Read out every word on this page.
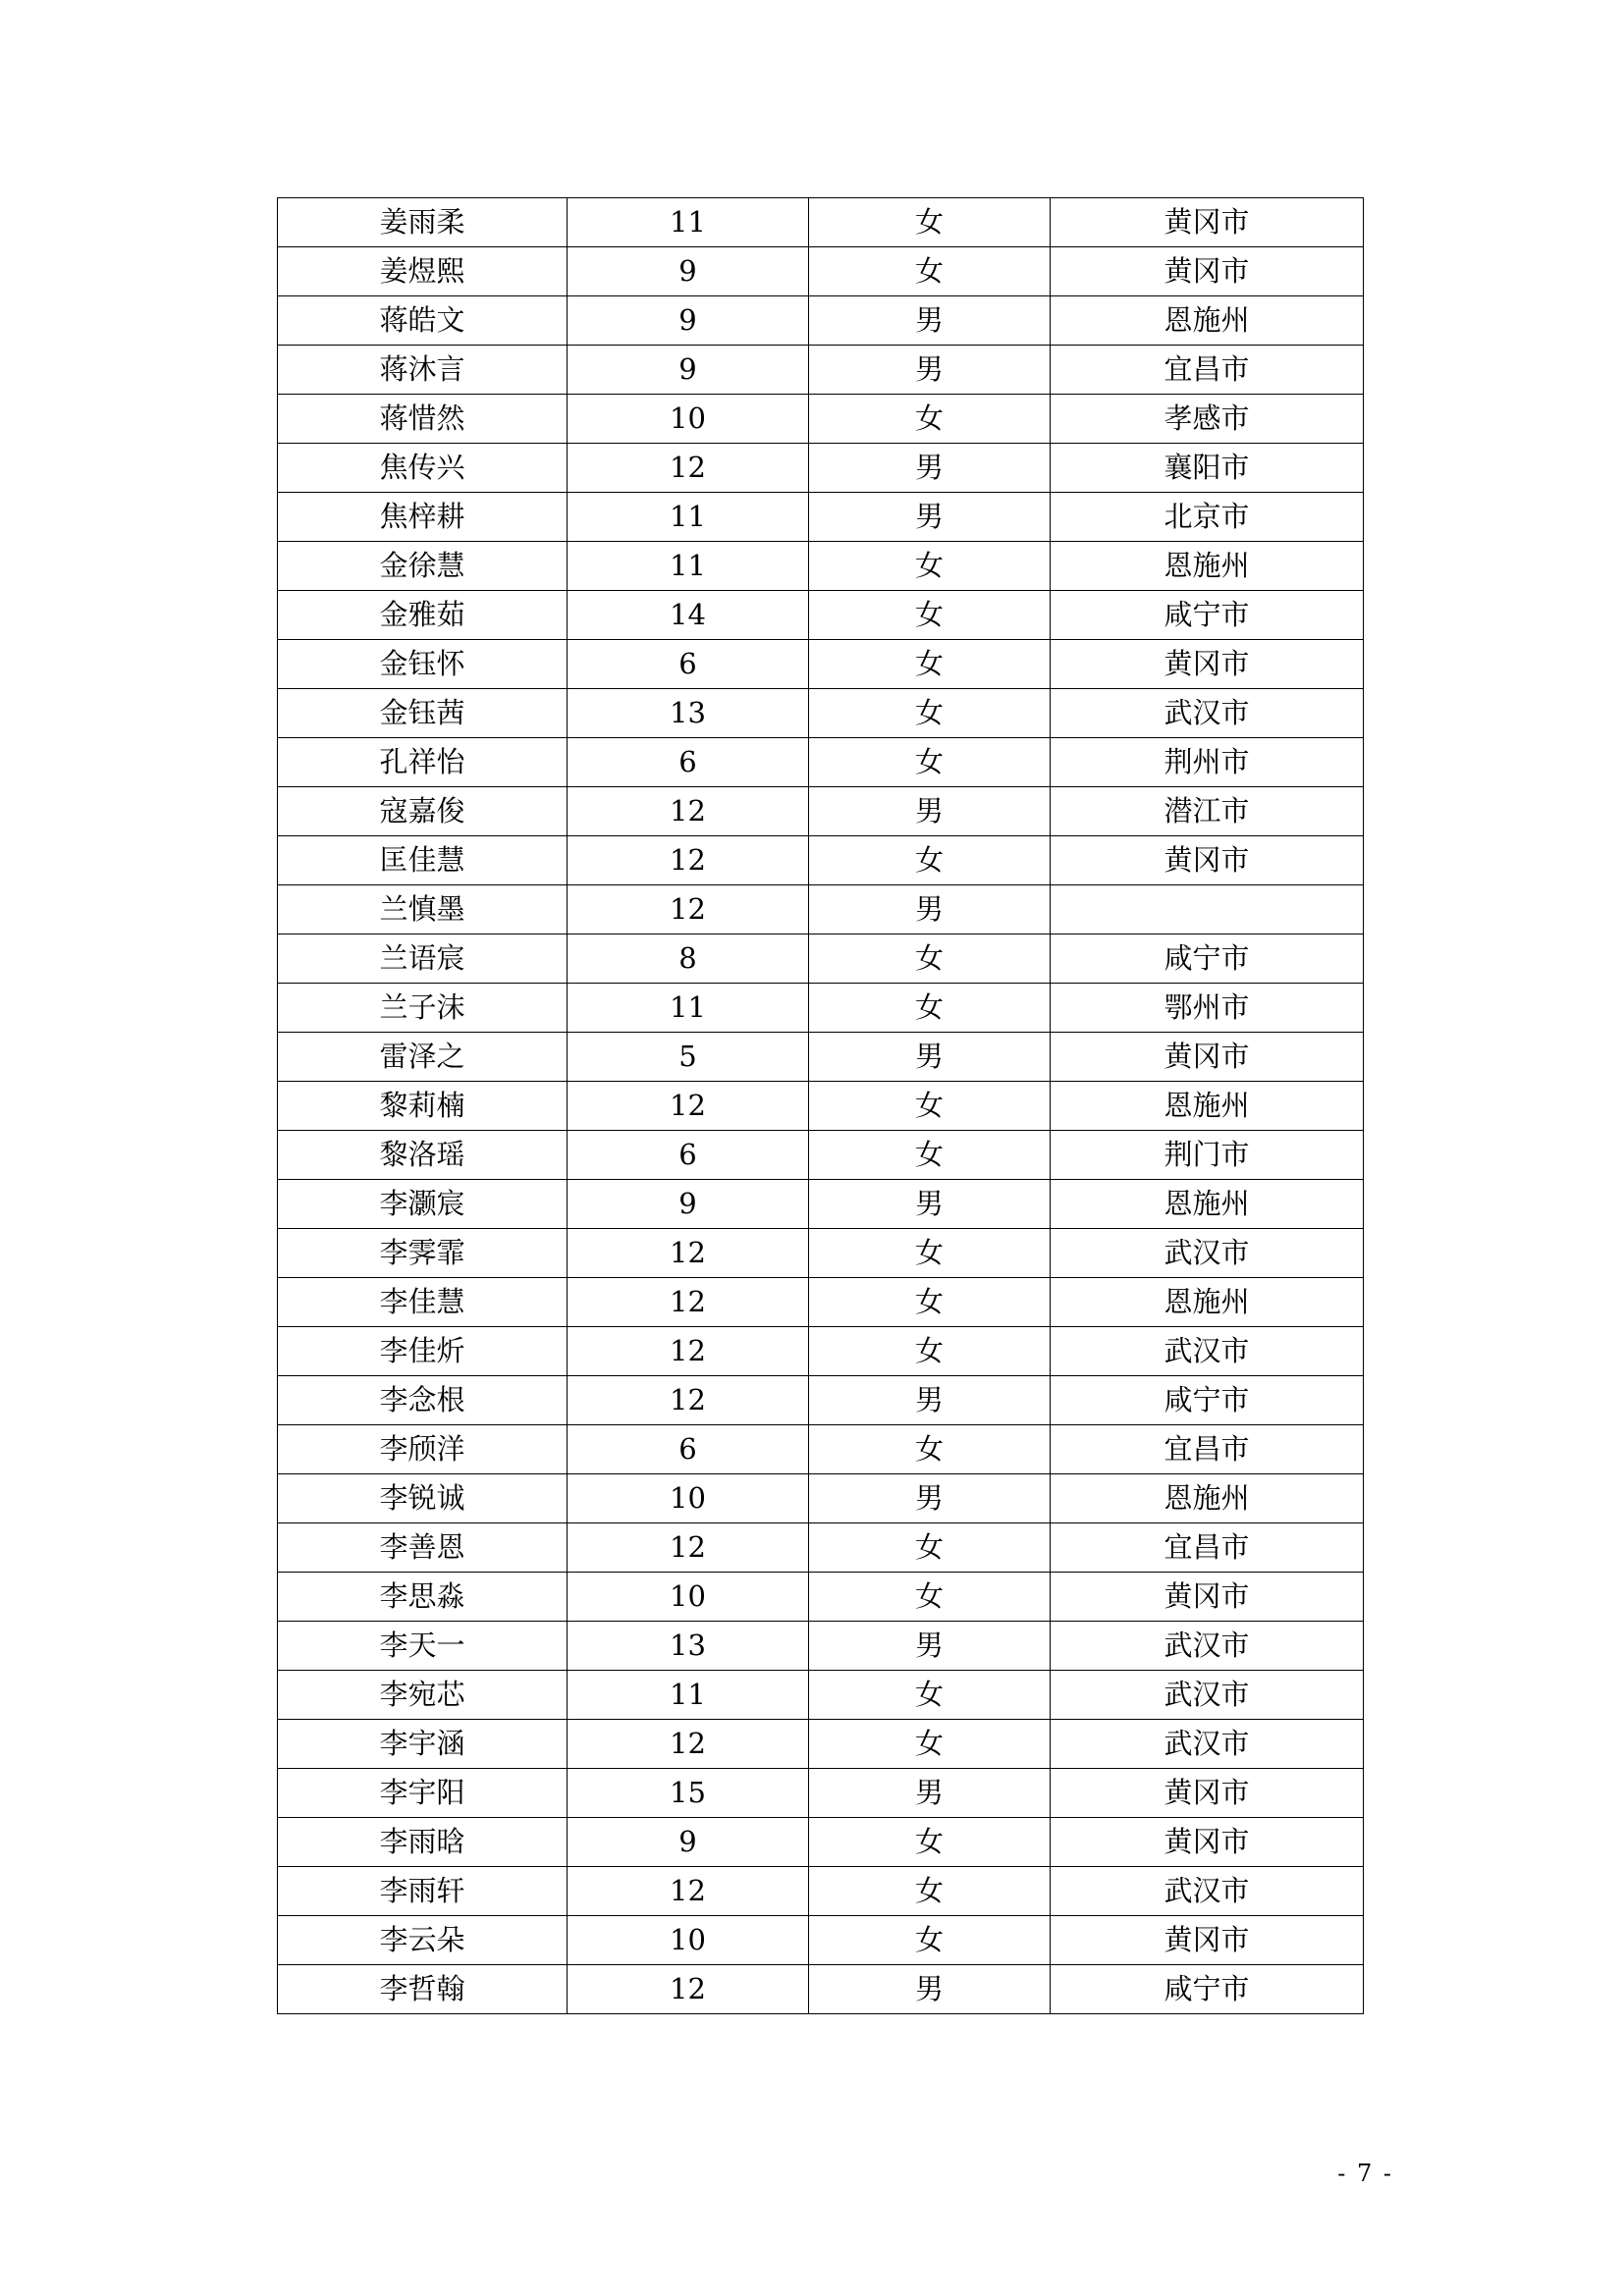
姜雨柔	11	女	黄冈市
姜煜熙	9	女	黄冈市
蒋皓文	9	男	恩施州
蒋沐言	9	男	宜昌市
蒋惜然	10	女	孝感市
焦传兴	12	男	襄阳市
焦梓耕	11	男	北京市
金徐慧	11	女	恩施州
金雅茹	14	女	咸宁市
金钰怀	6	女	黄冈市
金钰茜	13	女	武汉市
孔祥怡	6	女	荆州市
寇嘉俊	12	男	潜江市
匡佳慧	12	女	黄冈市
兰慎墨	12	男	
兰语宸	8	女	咸宁市
兰子沫	11	女	鄂州市
雷泽之	5	男	黄冈市
黎莉楠	12	女	恩施州
黎洛瑶	6	女	荆门市
李灏宸	9	男	恩施州
李霁霏	12	女	武汉市
李佳慧	12	女	恩施州
李佳炘	12	女	武汉市
李念根	12	男	咸宁市
李颀洋	6	女	宜昌市
李锐诚	10	男	恩施州
李善恩	12	女	宜昌市
李思淼	10	女	黄冈市
李天一	13	男	武汉市
李宛芯	11	女	武汉市
李宇涵	12	女	武汉市
李宇阳	15	男	黄冈市
李雨晗	9	女	黄冈市
李雨轩	12	女	武汉市
李云朵	10	女	黄冈市
李哲翰	12	男	咸宁市
- 7 -
